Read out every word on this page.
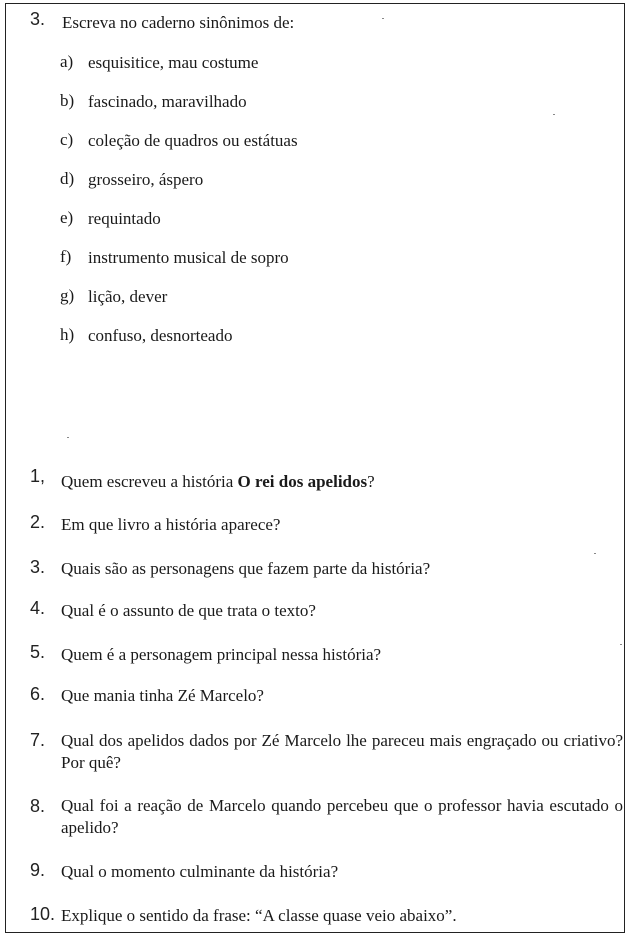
3. Escreva no caderno sinônimos de:
a) esquisitice, mau costume
b) fascinado, maravilhado
c) coleção de quadros ou estátuas
d) grosseiro, áspero
e) requintado
f) instrumento musical de sopro
g) lição, dever
h) confuso, desnorteado
1, Quem escreveu a história O rei dos apelidos?
2. Em que livro a história aparece?
3. Quais são as personagens que fazem parte da história?
4. Qual é o assunto de que trata o texto?
5. Quem é a personagem principal nessa história?
6. Que mania tinha Zé Marcelo?
7. Qual dos apelidos dados por Zé Marcelo lhe pareceu mais engraçado ou criativo? Por quê?
8. Qual foi a reação de Marcelo quando percebeu que o professor havia escutado o apelido?
9. Qual o momento culminante da história?
10. Explique o sentido da frase: “A classe quase veio abaixo”.
